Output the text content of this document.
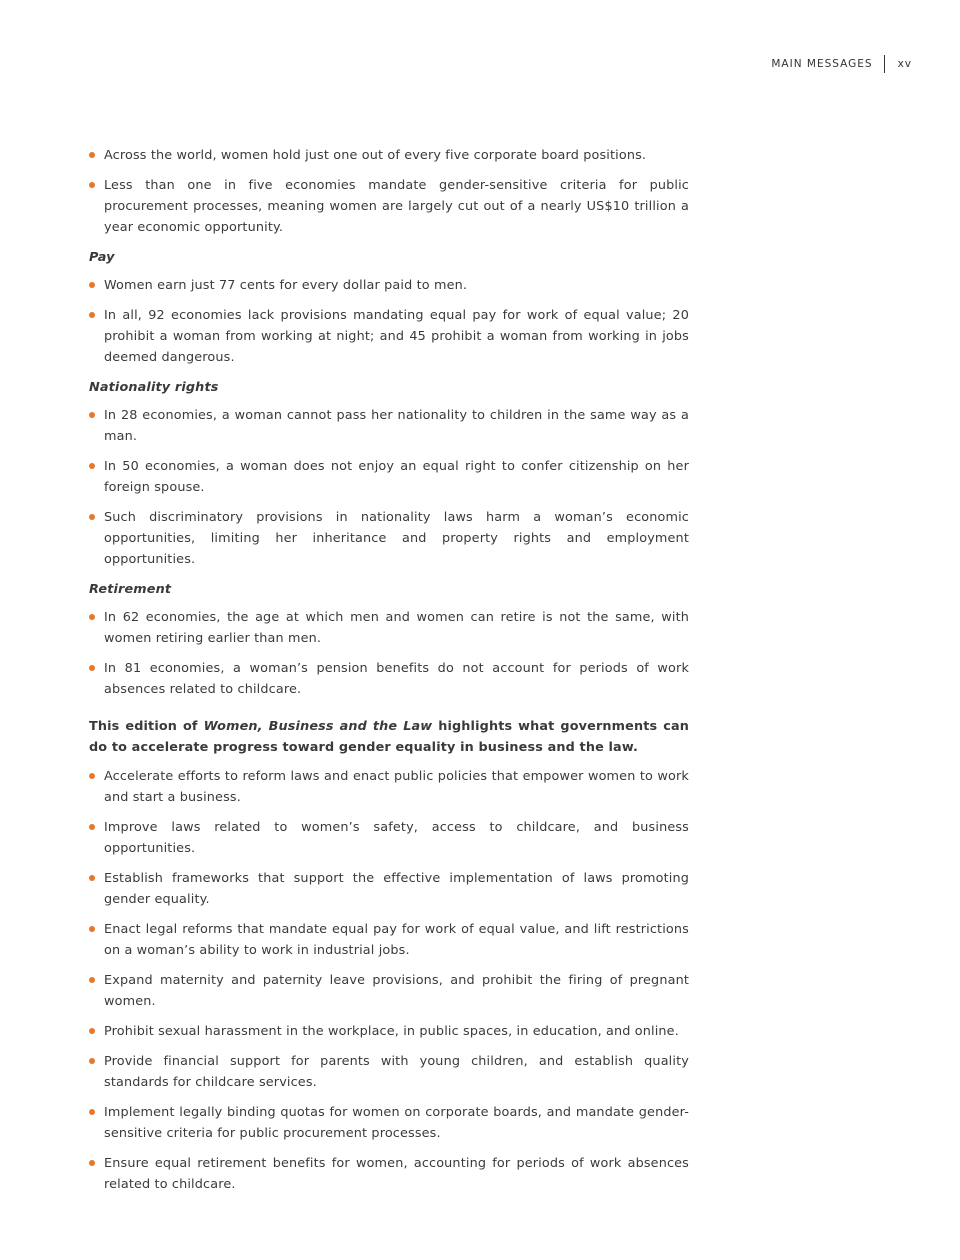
MAIN MESSAGES	xv
Across the world, women hold just one out of every five corporate board positions.
Less than one in five economies mandate gender-sensitive criteria for public procurement processes, meaning women are largely cut out of a nearly US$10 trillion a year economic opportunity.
Pay
Women earn just 77 cents for every dollar paid to men.
In all, 92 economies lack provisions mandating equal pay for work of equal value; 20 prohibit a woman from working at night; and 45 prohibit a woman from working in jobs deemed dangerous.
Nationality rights
In 28 economies, a woman cannot pass her nationality to children in the same way as a man.
In 50 economies, a woman does not enjoy an equal right to confer citizenship on her foreign spouse.
Such discriminatory provisions in nationality laws harm a woman’s economic opportunities, limiting her inheritance and property rights and employment opportunities.
Retirement
In 62 economies, the age at which men and women can retire is not the same, with women retiring earlier than men.
In 81 economies, a woman’s pension benefits do not account for periods of work absences related to childcare.
This edition of Women, Business and the Law highlights what governments can do to accelerate progress toward gender equality in business and the law.
Accelerate efforts to reform laws and enact public policies that empower women to work and start a business.
Improve laws related to women’s safety, access to childcare, and business opportunities.
Establish frameworks that support the effective implementation of laws promoting gender equality.
Enact legal reforms that mandate equal pay for work of equal value, and lift restrictions on a woman’s ability to work in industrial jobs.
Expand maternity and paternity leave provisions, and prohibit the firing of pregnant women.
Prohibit sexual harassment in the workplace, in public spaces, in education, and online.
Provide financial support for parents with young children, and establish quality standards for childcare services.
Implement legally binding quotas for women on corporate boards, and mandate gender-sensitive criteria for public procurement processes.
Ensure equal retirement benefits for women, accounting for periods of work absences related to childcare.
